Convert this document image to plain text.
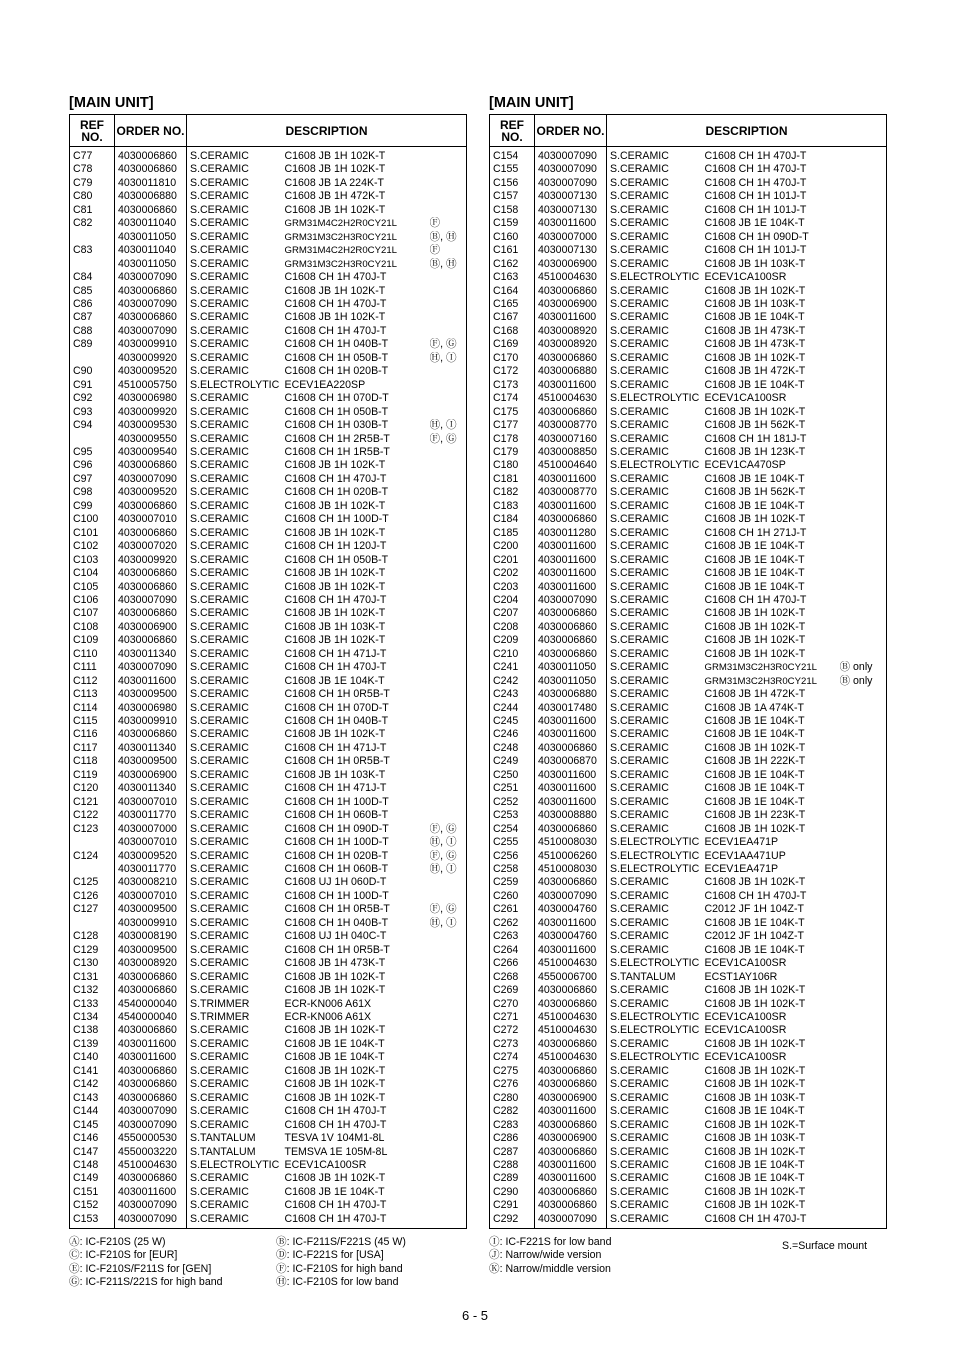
[MAIN UNIT]
REF NO.	ORDER NO.	DESCRIPTION		
C77	4030006860	S.CERAMIC	C1608 JB 1H 102K-T	
C78	4030006860	S.CERAMIC	C1608 JB 1H 102K-T	
C79	4030011810	S.CERAMIC	C1608 JB 1A 224K-T	
C80	4030006880	S.CERAMIC	C1608 JB 1H 472K-T	
C81	4030006860	S.CERAMIC	C1608 JB 1H 102K-T	
C82	4030011040	S.CERAMIC	GRM31M4C2H2R0CY21L	Ⓕ
	4030011050	S.CERAMIC	GRM31M3C2H3R0CY21L	Ⓑ, Ⓗ
C83	4030011040	S.CERAMIC	GRM31M4C2H2R0CY21L	Ⓕ
	4030011050	S.CERAMIC	GRM31M3C2H3R0CY21L	Ⓑ, Ⓗ
C84	4030007090	S.CERAMIC	C1608 CH 1H 470J-T	
C85	4030006860	S.CERAMIC	C1608 JB 1H 102K-T	
C86	4030007090	S.CERAMIC	C1608 CH 1H 470J-T	
C87	4030006860	S.CERAMIC	C1608 JB 1H 102K-T	
C88	4030007090	S.CERAMIC	C1608 CH 1H 470J-T	
C89	4030009910	S.CERAMIC	C1608 CH 1H 040B-T	Ⓕ, Ⓖ
	4030009920	S.CERAMIC	C1608 CH 1H 050B-T	Ⓗ, Ⓘ
C90	4030009520	S.CERAMIC	C1608 CH 1H 020B-T	
C91	4510005750	S.ELECTROLYTIC	ECEV1EA220SP	
C92	4030006980	S.CERAMIC	C1608 CH 1H 070D-T	
C93	4030009920	S.CERAMIC	C1608 CH 1H 050B-T	
C94	4030009530	S.CERAMIC	C1608 CH 1H 030B-T	Ⓗ, Ⓘ
	4030009550	S.CERAMIC	C1608 CH 1H 2R5B-T	Ⓕ, Ⓖ
C95	4030009540	S.CERAMIC	C1608 CH 1H 1R5B-T	
C96	4030006860	S.CERAMIC	C1608 JB 1H 102K-T	
C97	4030007090	S.CERAMIC	C1608 CH 1H 470J-T	
C98	4030009520	S.CERAMIC	C1608 CH 1H 020B-T	
C99	4030006860	S.CERAMIC	C1608 JB 1H 102K-T	
C100	4030007010	S.CERAMIC	C1608 CH 1H 100D-T	
C101	4030006860	S.CERAMIC	C1608 JB 1H 102K-T	
C102	4030007020	S.CERAMIC	C1608 CH 1H 120J-T	
C103	4030009920	S.CERAMIC	C1608 CH 1H 050B-T	
C104	4030006860	S.CERAMIC	C1608 JB 1H 102K-T	
C105	4030006860	S.CERAMIC	C1608 JB 1H 102K-T	
C106	4030007090	S.CERAMIC	C1608 CH 1H 470J-T	
C107	4030006860	S.CERAMIC	C1608 JB 1H 102K-T	
C108	4030006900	S.CERAMIC	C1608 JB 1H 103K-T	
C109	4030006860	S.CERAMIC	C1608 JB 1H 102K-T	
C110	4030011340	S.CERAMIC	C1608 CH 1H 471J-T	
C111	4030007090	S.CERAMIC	C1608 CH 1H 470J-T	
C112	4030011600	S.CERAMIC	C1608 JB 1E 104K-T	
C113	4030009500	S.CERAMIC	C1608 CH 1H 0R5B-T	
C114	4030006980	S.CERAMIC	C1608 CH 1H 070D-T	
C115	4030009910	S.CERAMIC	C1608 CH 1H 040B-T	
C116	4030006860	S.CERAMIC	C1608 JB 1H 102K-T	
C117	4030011340	S.CERAMIC	C1608 CH 1H 471J-T	
C118	4030009500	S.CERAMIC	C1608 CH 1H 0R5B-T	
C119	4030006900	S.CERAMIC	C1608 JB 1H 103K-T	
C120	4030011340	S.CERAMIC	C1608 CH 1H 471J-T	
C121	4030007010	S.CERAMIC	C1608 CH 1H 100D-T	
C122	4030011770	S.CERAMIC	C1608 CH 1H 060B-T	
C123	4030007000	S.CERAMIC	C1608 CH 1H 090D-T	Ⓕ, Ⓖ
	4030007010	S.CERAMIC	C1608 CH 1H 100D-T	Ⓗ, Ⓘ
C124	4030009520	S.CERAMIC	C1608 CH 1H 020B-T	Ⓕ, Ⓖ
	4030011770	S.CERAMIC	C1608 CH 1H 060B-T	Ⓗ, Ⓘ
C125	4030008210	S.CERAMIC	C1608 UJ 1H 060D-T	
C126	4030007010	S.CERAMIC	C1608 CH 1H 100D-T	
C127	4030009500	S.CERAMIC	C1608 CH 1H 0R5B-T	Ⓕ, Ⓖ
	4030009910	S.CERAMIC	C1608 CH 1H 040B-T	Ⓗ, Ⓘ
C128	4030008190	S.CERAMIC	C1608 UJ 1H 040C-T	
C129	4030009500	S.CERAMIC	C1608 CH 1H 0R5B-T	
C130	4030008920	S.CERAMIC	C1608 JB 1H 473K-T	
C131	4030006860	S.CERAMIC	C1608 JB 1H 102K-T	
C132	4030006860	S.CERAMIC	C1608 JB 1H 102K-T	
C133	4540000040	S.TRIMMER	ECR-KN006 A61X	
C134	4540000040	S.TRIMMER	ECR-KN006 A61X	
C138	4030006860	S.CERAMIC	C1608 JB 1H 102K-T	
C139	4030011600	S.CERAMIC	C1608 JB 1E 104K-T	
C140	4030011600	S.CERAMIC	C1608 JB 1E 104K-T	
C141	4030006860	S.CERAMIC	C1608 JB 1H 102K-T	
C142	4030006860	S.CERAMIC	C1608 JB 1H 102K-T	
C143	4030006860	S.CERAMIC	C1608 JB 1H 102K-T	
C144	4030007090	S.CERAMIC	C1608 CH 1H 470J-T	
C145	4030007090	S.CERAMIC	C1608 CH 1H 470J-T	
C146	4550000530	S.TANTALUM	TESVA 1V 104M1-8L	
C147	4550003220	S.TANTALUM	TEMSVA 1E 105M-8L	
C148	4510004630	S.ELECTROLYTIC	ECEV1CA100SR	
C149	4030006860	S.CERAMIC	C1608 JB 1H 102K-T	
C151	4030011600	S.CERAMIC	C1608 JB 1E 104K-T	
C152	4030007090	S.CERAMIC	C1608 CH 1H 470J-T	
C153	4030007090	S.CERAMIC	C1608 CH 1H 470J-T	
[MAIN UNIT]
REF NO.	ORDER NO.	DESCRIPTION		
C154	4030007090	S.CERAMIC	C1608 CH 1H 470J-T	
C155	4030007090	S.CERAMIC	C1608 CH 1H 470J-T	
C156	4030007090	S.CERAMIC	C1608 CH 1H 470J-T	
C157	4030007130	S.CERAMIC	C1608 CH 1H 101J-T	
C158	4030007130	S.CERAMIC	C1608 CH 1H 101J-T	
C159	4030011600	S.CERAMIC	C1608 JB 1E 104K-T	
C160	4030007000	S.CERAMIC	C1608 CH 1H 090D-T	
C161	4030007130	S.CERAMIC	C1608 CH 1H 101J-T	
C162	4030006900	S.CERAMIC	C1608 JB 1H 103K-T	
C163	4510004630	S.ELECTROLYTIC	ECEV1CA100SR	
C164	4030006860	S.CERAMIC	C1608 JB 1H 102K-T	
C165	4030006900	S.CERAMIC	C1608 JB 1H 103K-T	
C167	4030011600	S.CERAMIC	C1608 JB 1E 104K-T	
C168	4030008920	S.CERAMIC	C1608 JB 1H 473K-T	
C169	4030008920	S.CERAMIC	C1608 JB 1H 473K-T	
C170	4030006860	S.CERAMIC	C1608 JB 1H 102K-T	
C172	4030006880	S.CERAMIC	C1608 JB 1H 472K-T	
C173	4030011600	S.CERAMIC	C1608 JB 1E 104K-T	
C174	4510004630	S.ELECTROLYTIC	ECEV1CA100SR	
C175	4030006860	S.CERAMIC	C1608 JB 1H 102K-T	
C177	4030008770	S.CERAMIC	C1608 JB 1H 562K-T	
C178	4030007160	S.CERAMIC	C1608 CH 1H 181J-T	
C179	4030008850	S.CERAMIC	C1608 JB 1H 123K-T	
C180	4510004640	S.ELECTROLYTIC	ECEV1CA470SP	
C181	4030011600	S.CERAMIC	C1608 JB 1E 104K-T	
C182	4030008770	S.CERAMIC	C1608 JB 1H 562K-T	
C183	4030011600	S.CERAMIC	C1608 JB 1E 104K-T	
C184	4030006860	S.CERAMIC	C1608 JB 1H 102K-T	
C185	4030011280	S.CERAMIC	C1608 CH 1H 271J-T	
C200	4030011600	S.CERAMIC	C1608 JB 1E 104K-T	
C201	4030011600	S.CERAMIC	C1608 JB 1E 104K-T	
C202	4030011600	S.CERAMIC	C1608 JB 1E 104K-T	
C203	4030011600	S.CERAMIC	C1608 JB 1E 104K-T	
C204	4030007090	S.CERAMIC	C1608 CH 1H 470J-T	
C207	4030006860	S.CERAMIC	C1608 JB 1H 102K-T	
C208	4030006860	S.CERAMIC	C1608 JB 1H 102K-T	
C209	4030006860	S.CERAMIC	C1608 JB 1H 102K-T	
C210	4030006860	S.CERAMIC	C1608 JB 1H 102K-T	
C241	4030011050	S.CERAMIC	GRM31M3C2H3R0CY21L	Ⓑ only
C242	4030011050	S.CERAMIC	GRM31M3C2H3R0CY21L	Ⓑ only
C243	4030006880	S.CERAMIC	C1608 JB 1H 472K-T	
C244	4030017480	S.CERAMIC	C1608 JB 1A 474K-T	
C245	4030011600	S.CERAMIC	C1608 JB 1E 104K-T	
C246	4030011600	S.CERAMIC	C1608 JB 1E 104K-T	
C248	4030006860	S.CERAMIC	C1608 JB 1H 102K-T	
C249	4030006870	S.CERAMIC	C1608 JB 1H 222K-T	
C250	4030011600	S.CERAMIC	C1608 JB 1E 104K-T	
C251	4030011600	S.CERAMIC	C1608 JB 1E 104K-T	
C252	4030011600	S.CERAMIC	C1608 JB 1E 104K-T	
C253	4030008880	S.CERAMIC	C1608 JB 1H 223K-T	
C254	4030006860	S.CERAMIC	C1608 JB 1H 102K-T	
C255	4510008030	S.ELECTROLYTIC	ECEV1EA471P	
C256	4510006260	S.ELECTROLYTIC	ECEV1AA471UP	
C258	4510008030	S.ELECTROLYTIC	ECEV1EA471P	
C259	4030006860	S.CERAMIC	C1608 JB 1H 102K-T	
C260	4030007090	S.CERAMIC	C1608 CH 1H 470J-T	
C261	4030004760	S.CERAMIC	C2012 JF 1H 104Z-T	
C262	4030011600	S.CERAMIC	C1608 JB 1E 104K-T	
C263	4030004760	S.CERAMIC	C2012 JF 1H 104Z-T	
C264	4030011600	S.CERAMIC	C1608 JB 1E 104K-T	
C266	4510004630	S.ELECTROLYTIC	ECEV1CA100SR	
C268	4550006700	S.TANTALUM	ECST1AY106R	
C269	4030006860	S.CERAMIC	C1608 JB 1H 102K-T	
C270	4030006860	S.CERAMIC	C1608 JB 1H 102K-T	
C271	4510004630	S.ELECTROLYTIC	ECEV1CA100SR	
C272	4510004630	S.ELECTROLYTIC	ECEV1CA100SR	
C273	4030006860	S.CERAMIC	C1608 JB 1H 102K-T	
C274	4510004630	S.ELECTROLYTIC	ECEV1CA100SR	
C275	4030006860	S.CERAMIC	C1608 JB 1H 102K-T	
C276	4030006860	S.CERAMIC	C1608 JB 1H 102K-T	
C280	4030006900	S.CERAMIC	C1608 JB 1H 103K-T	
C282	4030011600	S.CERAMIC	C1608 JB 1E 104K-T	
C283	4030006860	S.CERAMIC	C1608 JB 1H 102K-T	
C286	4030006900	S.CERAMIC	C1608 JB 1H 103K-T	
C287	4030006860	S.CERAMIC	C1608 JB 1H 102K-T	
C288	4030011600	S.CERAMIC	C1608 JB 1E 104K-T	
C289	4030011600	S.CERAMIC	C1608 JB 1E 104K-T	
C290	4030006860	S.CERAMIC	C1608 JB 1H 102K-T	
C291	4030006860	S.CERAMIC	C1608 JB 1H 102K-T	
C292	4030007090	S.CERAMIC	C1608 CH 1H 470J-T	
Ⓐ: IC-F210S (25 W)
Ⓒ: IC-F210S for [EUR]
Ⓔ: IC-F210S/F211S for [GEN]
Ⓖ: IC-F211S/221S for high band
Ⓑ: IC-F211S/F221S (45 W)
Ⓓ: IC-F221S for [USA]
Ⓕ: IC-F210S for high band
Ⓗ: IC-F210S for low band
Ⓘ: IC-F221S for low band
Ⓙ: Narrow/wide version
Ⓚ: Narrow/middle version
S.=Surface mount
6 - 5
